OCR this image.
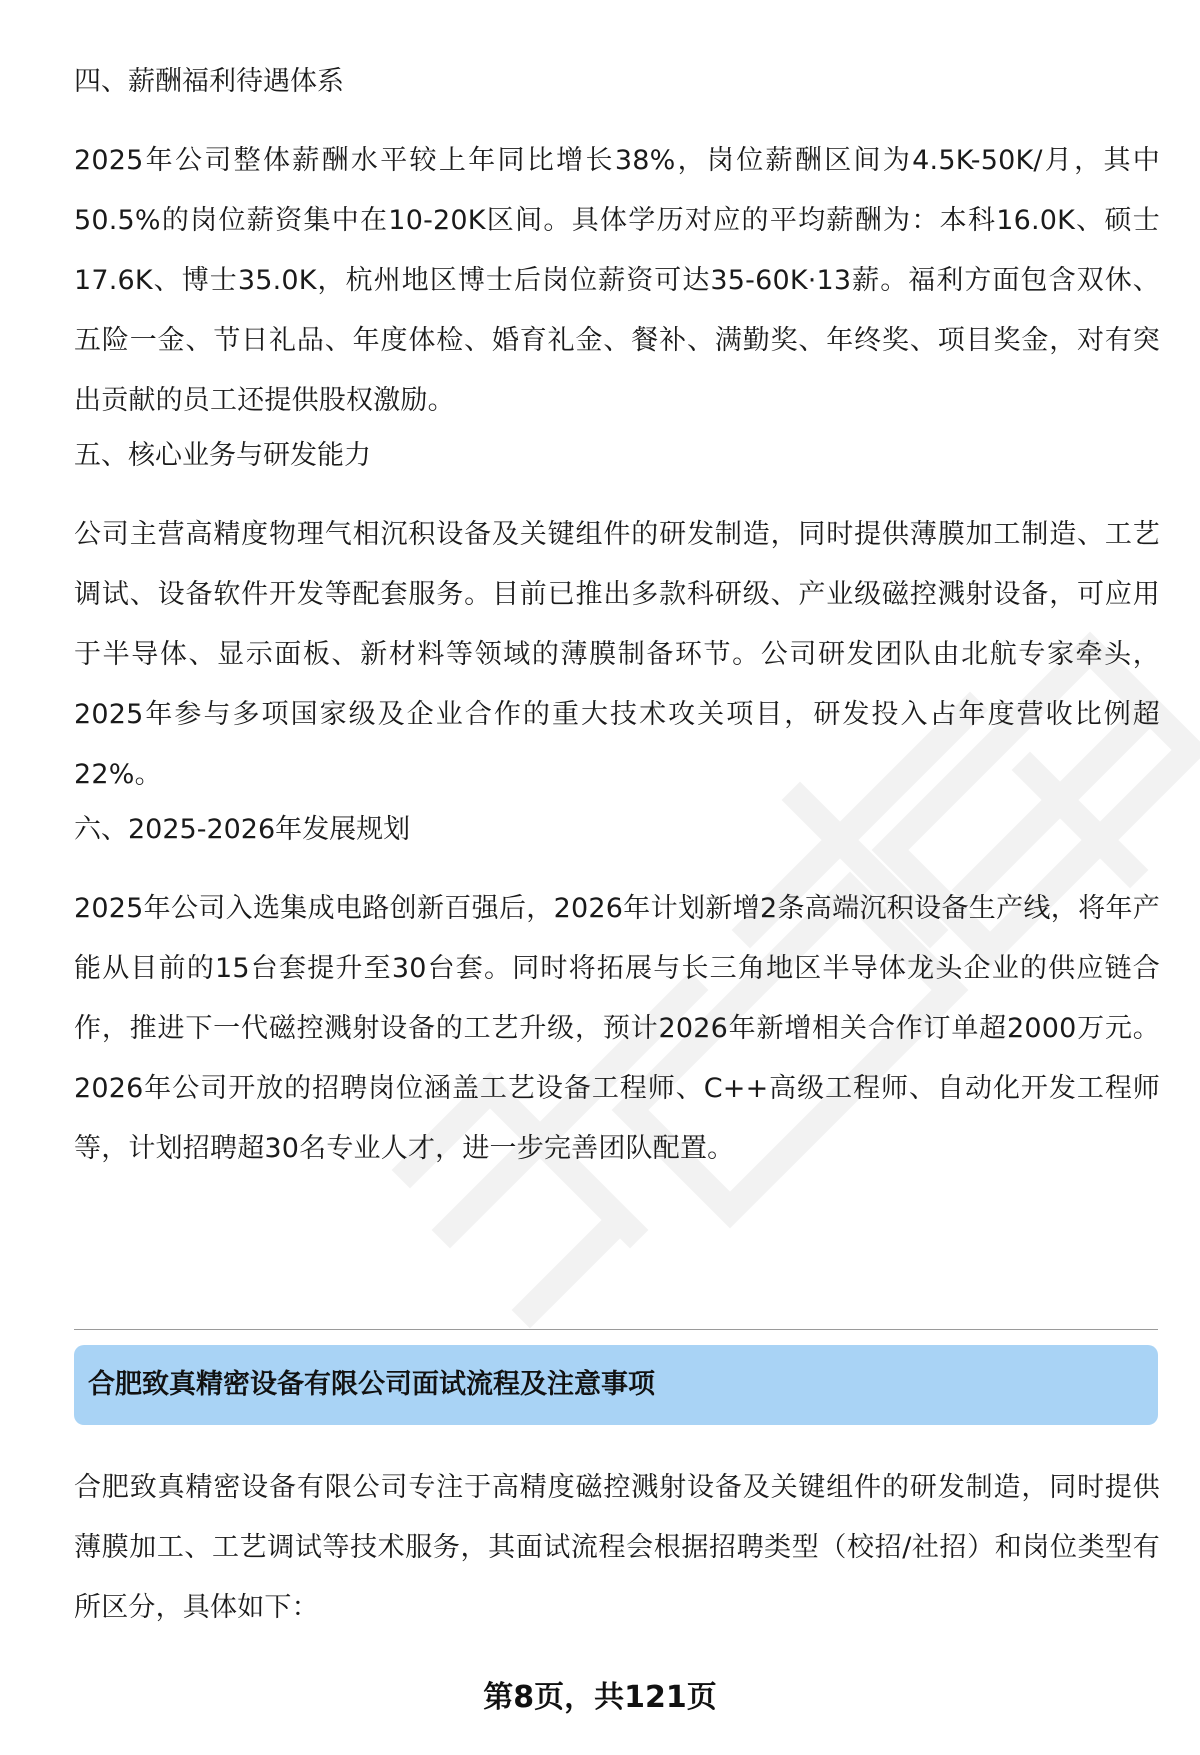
四、薪酬福利待遇体系
2025年公司整体薪酬水平较上年同比增长38%，岗位薪酬区间为4.5K-50K/月，其中50.5%的岗位薪资集中在10-20K区间。具体学历对应的平均薪酬为：本科16.0K、硕士17.6K、博士35.0K，杭州地区博士后岗位薪资可达35-60K·13薪。福利方面包含双休、五险一金、节日礼品、年度体检、婚育礼金、餐补、满勤奖、年终奖、项目奖金，对有突出贡献的员工还提供股权激励。
五、核心业务与研发能力
公司主营高精度物理气相沉积设备及关键组件的研发制造，同时提供薄膜加工制造、工艺调试、设备软件开发等配套服务。目前已推出多款科研级、产业级磁控溅射设备，可应用于半导体、显示面板、新材料等领域的薄膜制备环节。公司研发团队由北航专家牵头，2025年参与多项国家级及企业合作的重大技术攻关项目，研发投入占年度营收比例超22%。
六、2025-2026年发展规划
2025年公司入选集成电路创新百强后，2026年计划新增2条高端沉积设备生产线，将年产能从目前的15台套提升至30台套。同时将拓展与长三角地区半导体龙头企业的供应链合作，推进下一代磁控溅射设备的工艺升级，预计2026年新增相关合作订单超2000万元。2026年公司开放的招聘岗位涵盖工艺设备工程师、C++高级工程师、自动化开发工程师等，计划招聘超30名专业人才，进一步完善团队配置。
合肥致真精密设备有限公司面试流程及注意事项
合肥致真精密设备有限公司专注于高精度磁控溅射设备及关键组件的研发制造，同时提供薄膜加工、工艺调试等技术服务，其面试流程会根据招聘类型（校招/社招）和岗位类型有所区分，具体如下：
第8页，共121页
